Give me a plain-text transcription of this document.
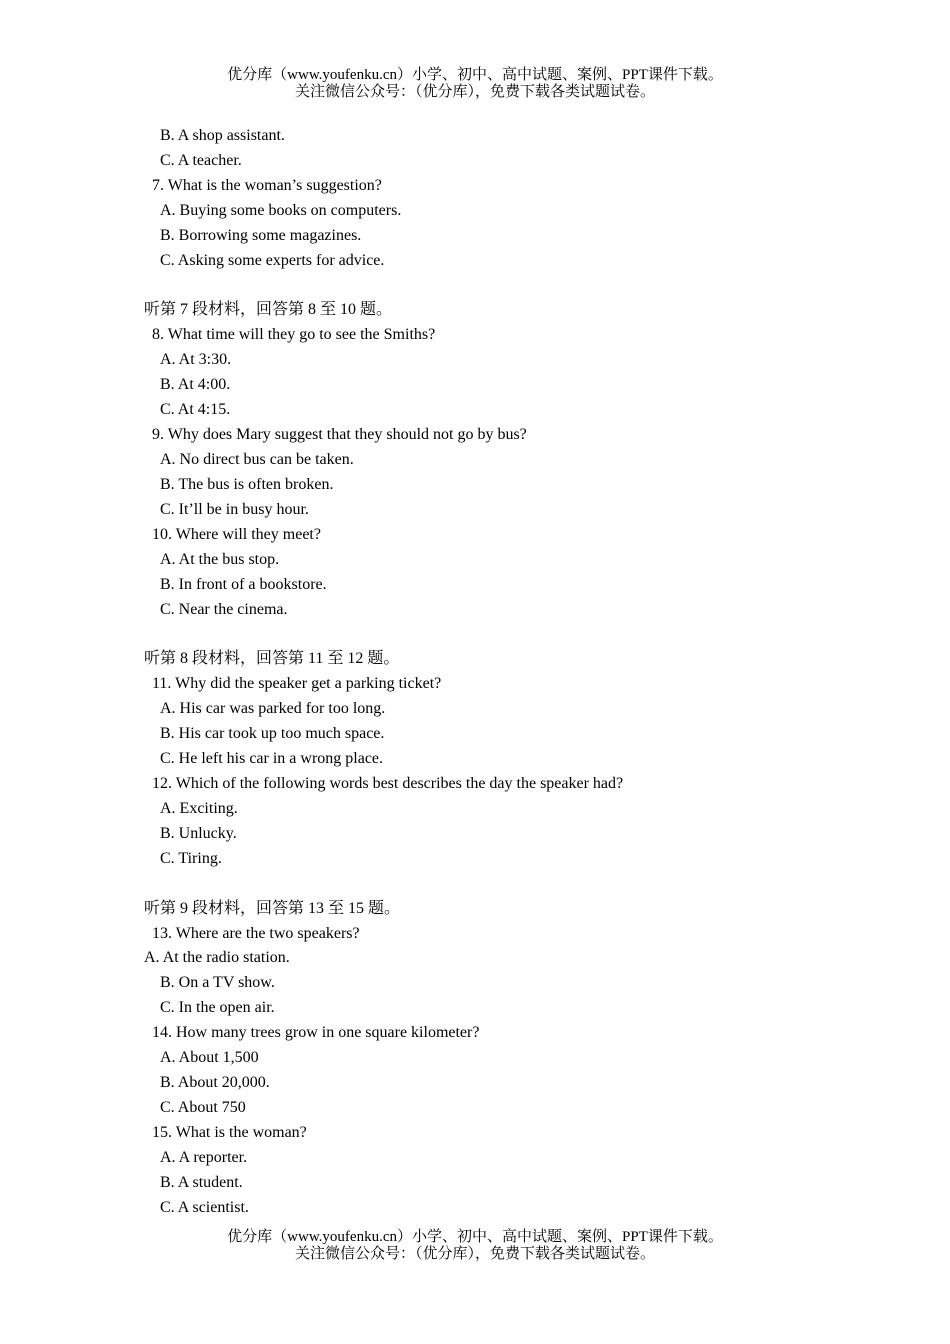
优分库（www.youfenku.cn）小学、初中、高中试题、案例、PPT课件下载。
关注微信公众号：（优分库），免费下载各类试题试卷。
B. A shop assistant.
C. A teacher.
7. What is the woman’s suggestion?
A. Buying some books on computers.
B. Borrowing some magazines.
C. Asking some experts for advice.
听第 7 段材料，回答第 8 至 10 题。
8. What time will they go to see the Smiths?
A. At 3:30.
B. At 4:00.
C. At 4:15.
9. Why does Mary suggest that they should not go by bus?
A. No direct bus can be taken.
B. The bus is often broken.
C. It’ll be in busy hour.
10. Where will they meet?
A. At the bus stop.
B. In front of a bookstore.
C. Near the cinema.
听第 8 段材料，回答第 11 至 12 题。
11. Why did the speaker get a parking ticket?
A. His car was parked for too long.
B. His car took up too much space.
C. He left his car in a wrong place.
12. Which of the following words best describes the day the speaker had?
A. Exciting.
B. Unlucky.
C. Tiring.
听第 9 段材料，回答第 13 至 15 题。
13. Where are the two speakers?
A. At the radio station.
B. On a TV show.
C. In the open air.
14. How many trees grow in one square kilometer?
A. About 1,500
B. About 20,000.
C. About 750
15. What is the woman?
A. A reporter.
B. A student.
C. A scientist.
优分库（www.youfenku.cn）小学、初中、高中试题、案例、PPT课件下载。
关注微信公众号：（优分库），免费下载各类试题试卷。
